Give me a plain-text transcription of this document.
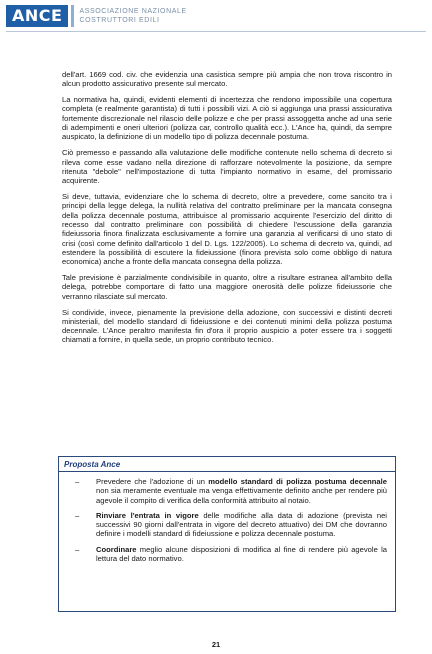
ANCE	ASSOCIAZIONE NAZIONALE
COSTRUTTORI EDILI

dell'art. 1669 cod. civ. che evidenzia una casistica sempre più ampia che non trova riscontro in alcun prodotto assicurativo presente sul mercato.

La normativa ha, quindi, evidenti elementi di incertezza che rendono impossibile una copertura completa (e realmente garantista) di tutti i possibili vizi. A ciò si aggiunga una prassi assicurativa fortemente discrezionale nel rilascio delle polizze e che per prassi assoggetta anche ad una serie di adempimenti e oneri ulteriori (polizza car, controllo qualità ecc.). L'Ance ha, quindi, da sempre auspicato, la definizione di un modello tipo di polizza decennale postuma.

Ciò premesso e passando alla valutazione delle modifiche contenute nello schema di decreto si rileva come esse vadano nella direzione di rafforzare notevolmente la posizione, da sempre ritenuta "debole" nell'impostazione di tutta l'impianto normativo in esame, del promissario acquirente.

Si deve, tuttavia, evidenziare che lo schema di decreto, oltre a prevedere, come sancito tra i principi della legge delega, la nullità relativa del contratto preliminare per la mancata consegna della polizza decennale postuma, attribuisce al promissario acquirente l'esercizio del diritto di recesso dal contratto preliminare con possibilità di chiedere l'escussione della garanzia fideiussoria finora finalizzata esclusivamente a fornire una garanzia al verificarsi di uno stato di crisi (così come definito dall'articolo 1 del D. Lgs. 122/2005). Lo schema di decreto va, quindi, ad estendere la possibilità di escutere la fideiussione (finora prevista solo come obbligo di natura economica) anche a fronte della mancata consegna della polizza.

Tale previsione è parzialmente condivisibile in quanto, oltre a risultare estranea all'ambito della delega, potrebbe comportare di fatto una maggiore onerosità delle polizze fideiussorie che verranno rilasciate sul mercato.

Si condivide, invece, pienamente la previsione della adozione, con successivi e distinti decreti ministeriali, del modello standard di fideiussione e dei contenuti minimi della polizza postuma decennale. L'Ance peraltro manifesta fin d'ora il proprio auspicio a poter essere tra i soggetti chiamati a fornire, in quella sede, un proprio contributo tecnico.

Proposta Ance
– Prevedere che l'adozione di un modello standard di polizza postuma decennale non sia meramente eventuale ma venga effettivamente definito anche per rendere più agevole il compito di verifica della conformità attribuito al notaio.
– Rinviare l'entrata in vigore delle modifiche alla data di adozione (prevista nei successivi 90 giorni dall'entrata in vigore del decreto attuativo) dei DM che dovranno definire i modelli standard di fideiussione e polizza decennale postuma.
– Coordinare meglio alcune disposizioni di modifica al fine di rendere più agevole la lettura del dato normativo.
21
